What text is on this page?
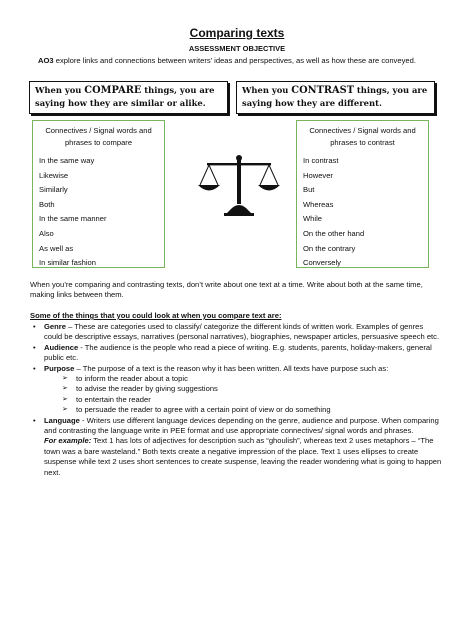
Comparing texts
ASSESSMENT OBJECTIVE
AO3 explore links and connections between writers’ ideas and perspectives, as well as how these are conveyed.
When you COMPARE things, you are saying how they are similar or alike.
When you CONTRAST things, you are saying how they are different.
Connectives / Signal words and phrases to compare
In the same way
Likewise
Similarly
Both
In the same manner
Also
As well as
In similar fashion
Connectives / Signal words and phrases to contrast
In contrast
However
But
Whereas
While
On the other hand
On the contrary
Conversely
When you’re comparing and contrasting texts, don’t write about one text at a time. Write about both at the same time, making links between them.
Some of the things that you could look at when you compare text are:
• Genre – These are categories used to classify/ categorize the different kinds of written work. Examples of genres could be descriptive essays, narratives (personal narratives), biographies, newspaper articles, persuasive speech etc.
• Audience - The audience is the people who read a piece of writing. E.g. students, parents, holiday-makers, general public etc.
• Purpose – The purpose of a text is the reason why it has been written. All texts have purpose such as:
➢ to inform the reader about a topic
➢ to advise the reader by giving suggestions
➢ to entertain the reader
➢ to persuade the reader to agree with a certain point of view or do something
• Language - Writers use different language devices depending on the genre, audience and purpose. When comparing and contrasting the language write in PEE format and use appropriate connectives/ signal words and phrases.
For example: Text 1 has lots of adjectives for description such as “ghoulish”, whereas text 2 uses metaphors – “The town was a bare wasteland.” Both texts create a negative impression of the place. Text 1 uses ellipses to create suspense while text 2 uses short sentences to create suspense, leaving the reader wondering what is going to happen next.
